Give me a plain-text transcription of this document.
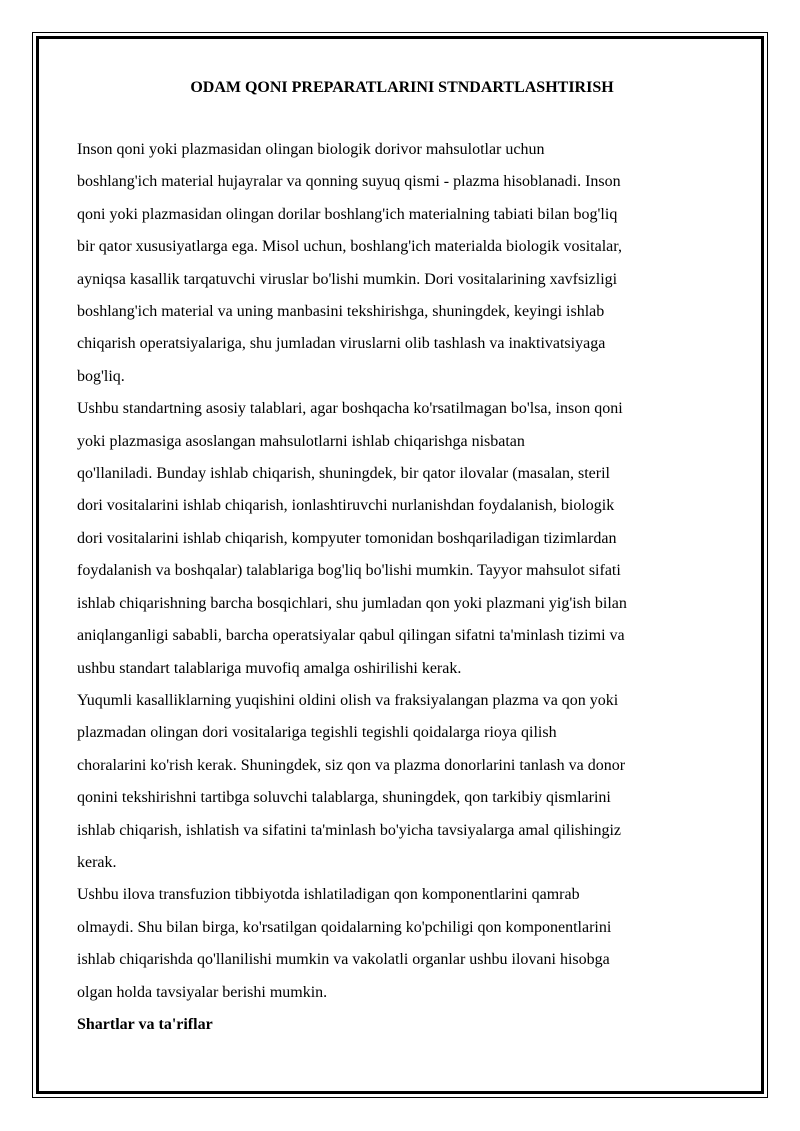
ODAM QONI PREPARATLARINI STNDARTLASHTIRISH
Inson qoni yoki plazmasidan olingan biologik dorivor mahsulotlar uchun
boshlang'ich material hujayralar va qonning suyuq qismi - plazma hisoblanadi. Inson
qoni yoki plazmasidan olingan dorilar boshlang'ich materialning tabiati bilan bog'liq
bir qator xususiyatlarga ega. Misol uchun, boshlang'ich materialda biologik vositalar,
ayniqsa kasallik tarqatuvchi viruslar bo'lishi mumkin. Dori vositalarining xavfsizligi
boshlang'ich material va uning manbasini tekshirishga, shuningdek, keyingi ishlab
chiqarish operatsiyalariga, shu jumladan viruslarni olib tashlash va inaktivatsiyaga
bog'liq.
Ushbu standartning asosiy talablari, agar boshqacha ko'rsatilmagan bo'lsa, inson qoni
yoki plazmasiga asoslangan mahsulotlarni ishlab chiqarishga nisbatan
qo'llaniladi. Bunday ishlab chiqarish, shuningdek, bir qator ilovalar (masalan, steril
dori vositalarini ishlab chiqarish, ionlashtiruvchi nurlanishdan foydalanish, biologik
dori vositalarini ishlab chiqarish, kompyuter tomonidan boshqariladigan tizimlardan
foydalanish va boshqalar) talablariga bog'liq bo'lishi mumkin. Tayyor mahsulot sifati
ishlab chiqarishning barcha bosqichlari, shu jumladan qon yoki plazmani yig'ish bilan
aniqlanganligi sababli, barcha operatsiyalar qabul qilingan sifatni ta'minlash tizimi va
ushbu standart talablariga muvofiq amalga oshirilishi kerak.
Yuqumli kasalliklarning yuqishini oldini olish va fraksiyalangan plazma va qon yoki
plazmadan olingan dori vositalariga tegishli tegishli qoidalarga rioya qilish
choralarini ko'rish kerak. Shuningdek, siz qon va plazma donorlarini tanlash va donor
qonini tekshirishni tartibga soluvchi talablarga, shuningdek, qon tarkibiy qismlarini
ishlab chiqarish, ishlatish va sifatini ta'minlash bo'yicha tavsiyalarga amal qilishingiz
kerak.
Ushbu ilova transfuzion tibbiyotda ishlatiladigan qon komponentlarini qamrab
olmaydi. Shu bilan birga, ko'rsatilgan qoidalarning ko'pchiligi qon komponentlarini
ishlab chiqarishda qo'llanilishi mumkin va vakolatli organlar ushbu ilovani hisobga
olgan holda tavsiyalar berishi mumkin.
Shartlar va ta'riflar
